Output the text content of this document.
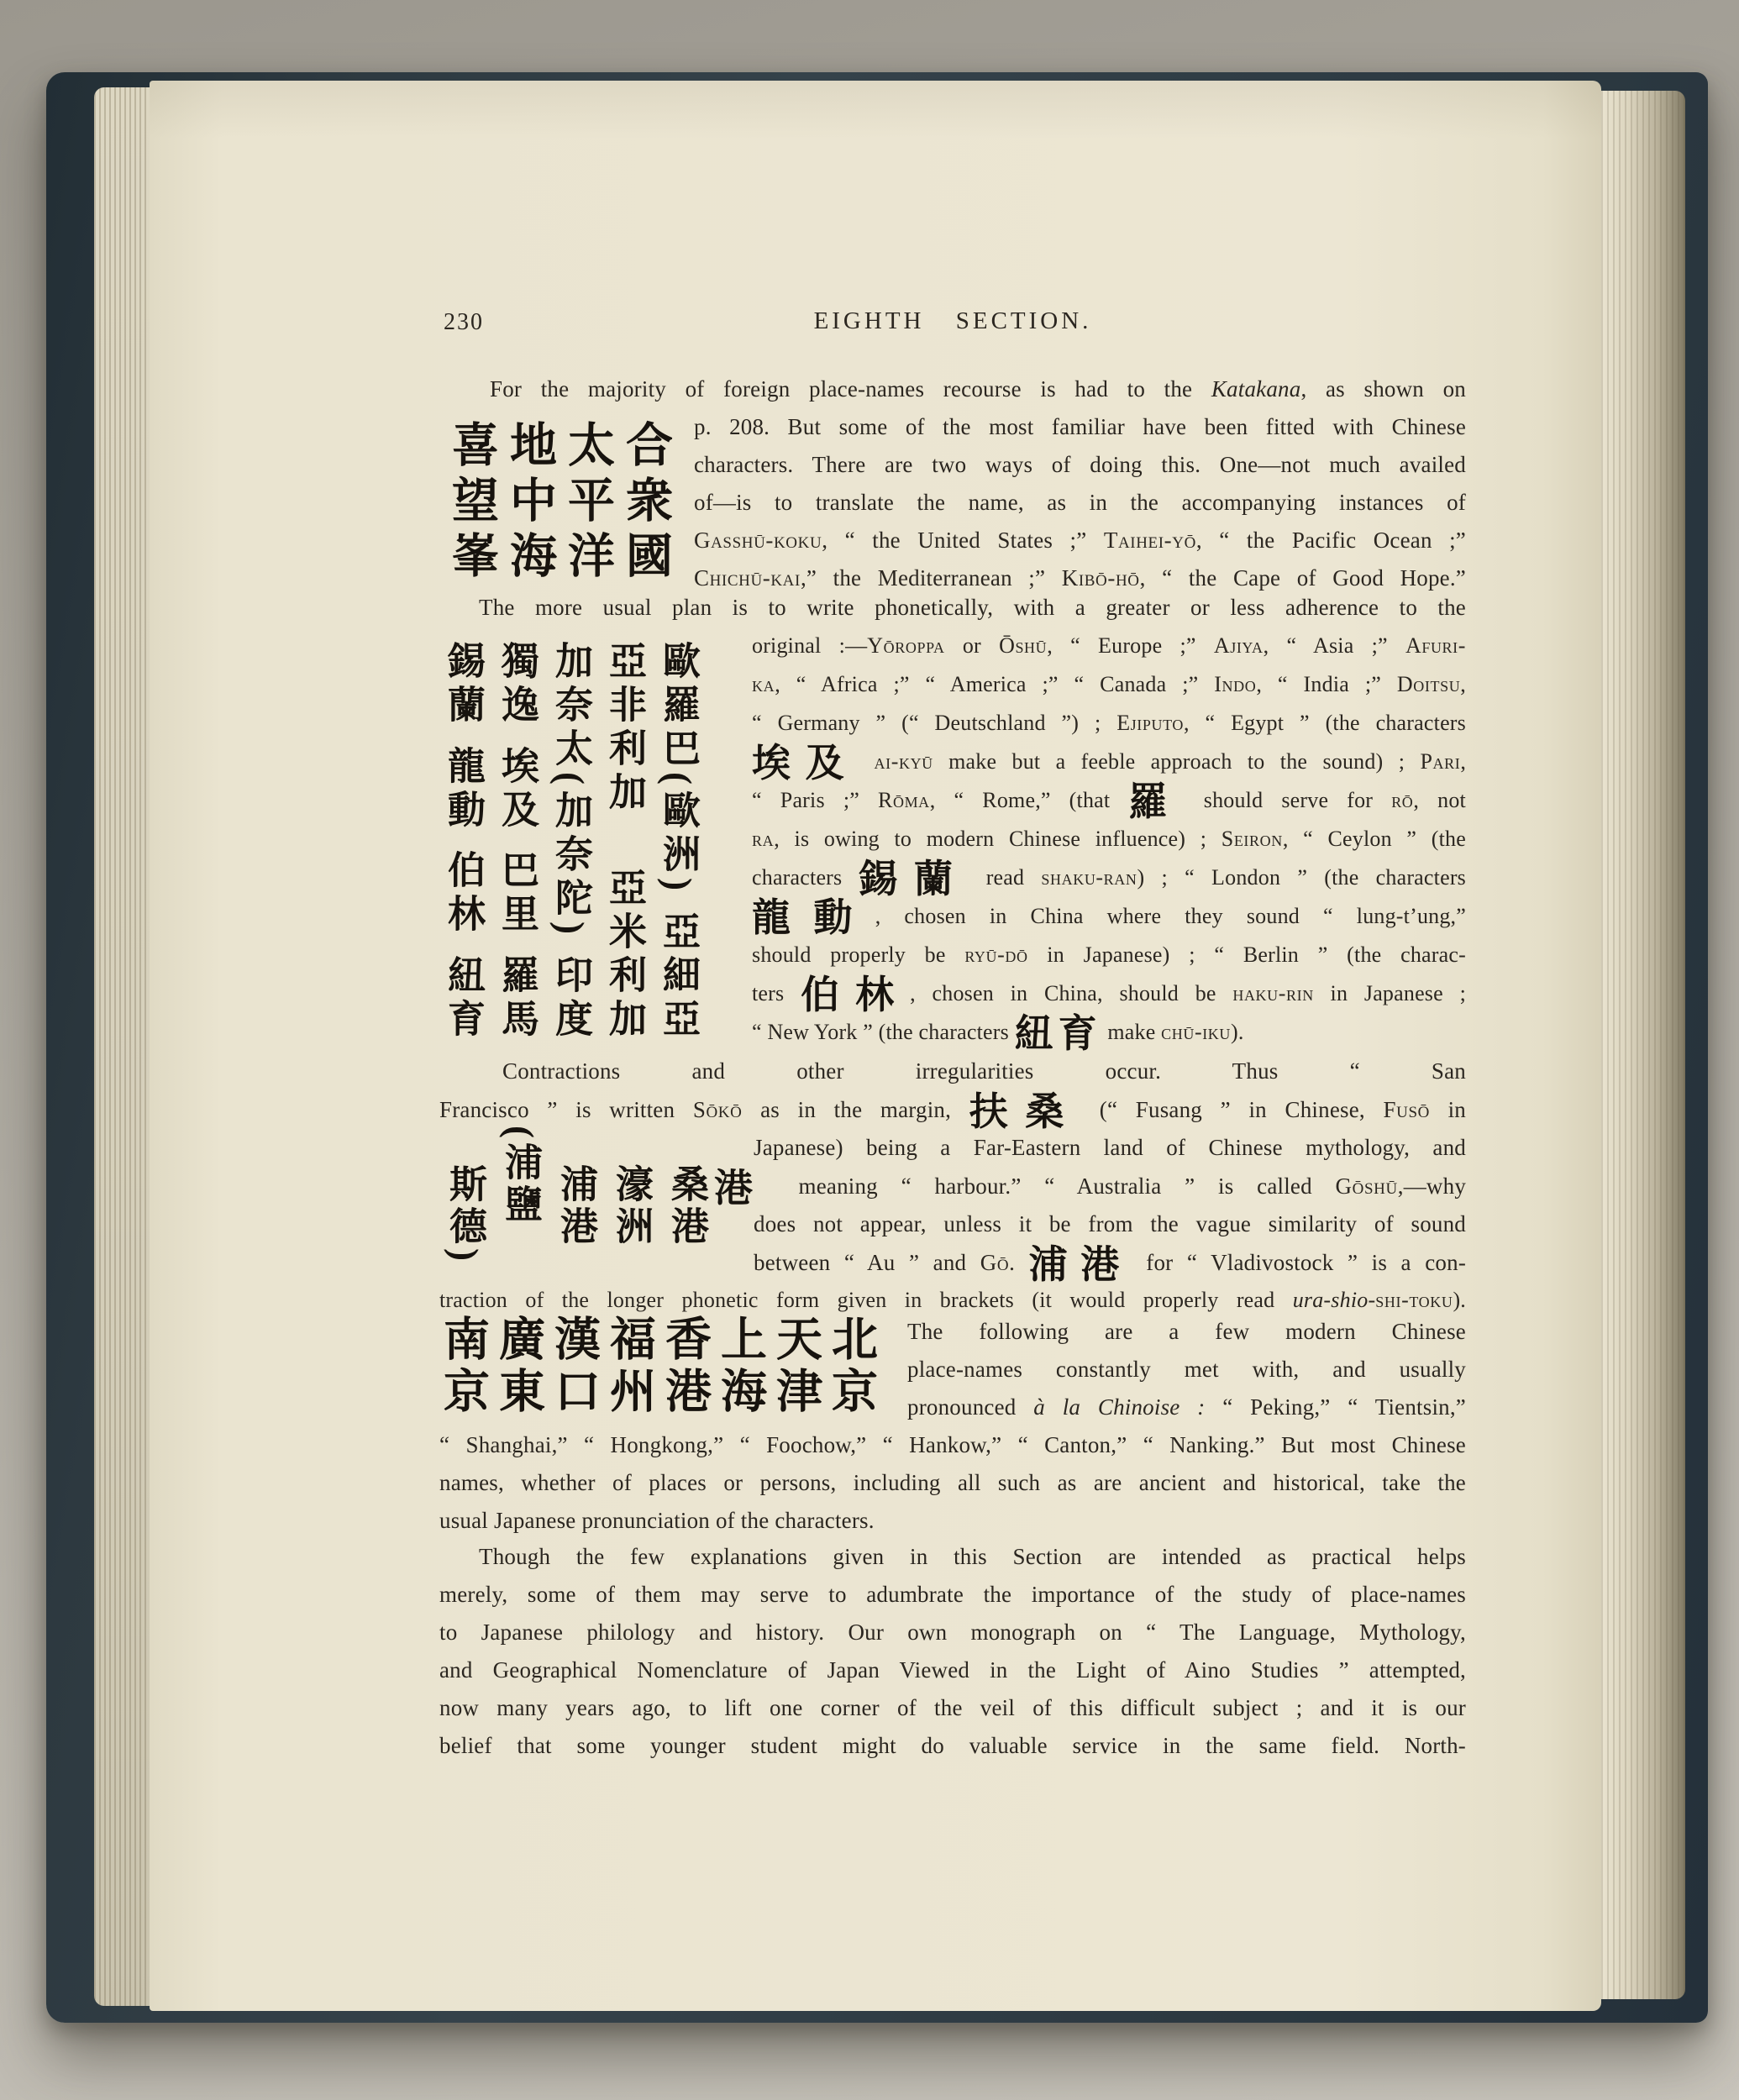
230	EIGHTH SECTION.
喜望峯 地中海 太平洋 合衆國
錫蘭
龍動
伯林
紐育
獨逸
埃及
巴里
羅馬
加奈太(加奈陀)
印度
亞非利加
亞米利加
歐羅巴(歐洲)
亞細亞
斯德) (浦鹽 浦港 濠洲 桑港
南京 廣東 漢口 福州 香港 上海 天津 北京
For the majority of foreign place-names recourse is had to the Katakana, as shown on
p. 208. But some of the most familiar have been fitted with Chinese
characters. There are two ways of doing this. One—not much availed
of—is to translate the name, as in the accompanying instances of
Gasshū-koku, “ the United States ;” Taihei-yō, “ the Pacific Ocean ;”
Chichū-kai,” the Mediterranean ;” Kibō-hō, “ the Cape of Good Hope.”
The more usual plan is to write phonetically, with a greater or less adherence to the
original :—Yōroppa or Ōshū, “ Europe ;” Ajiya, “ Asia ;” Afuri-
ka, “ Africa ;” “ America ;” “ Canada ;” Indo, “ India ;” Doitsu,
“ Germany ” (“ Deutschland ”) ; Ejiputo, “ Egypt ” (the characters
埃及 ai-kyū make but a feeble approach to the sound) ; Pari,
“ Paris ;” Rōma, “ Rome,” (that 羅 should serve for rō, not
ra, is owing to modern Chinese influence) ; Seiron, “ Ceylon ” (the
characters 錫蘭 read shaku-ran) ; “ London ” (the characters
龍動, chosen in China where they sound “ lung-t’ung,”
should properly be ryū-dō in Japanese) ; “ Berlin ” (the charac-
ters 伯林, chosen in China, should be haku-rin in Japanese ;
“ New York ” (the characters 紐育 make chū-iku).
Contractions and other irregularities occur. Thus “ San
Francisco ” is written Sōkō as in the margin, 扶桑 (“ Fusang ” in Chinese, Fusō in
Japanese) being a Far-Eastern land of Chinese mythology, and
港 meaning “ harbour.” “ Australia ” is called Gōshū,—why
does not appear, unless it be from the vague similarity of sound
between “ Au ” and Gō. 浦港 for “ Vladivostock ” is a con-
traction of the longer phonetic form given in brackets (it would properly read ura-shio-shi-toku).
The following are a few modern Chinese
place-names constantly met with, and usually
pronounced à la Chinoise : “ Peking,” “ Tientsin,”
“ Shanghai,” “ Hongkong,” “ Foochow,” “ Hankow,” “ Canton,” “ Nanking.” But most Chinese
names, whether of places or persons, including all such as are ancient and historical, take the
usual Japanese pronunciation of the characters.
Though the few explanations given in this Section are intended as practical helps
merely, some of them may serve to adumbrate the importance of the study of place-names
to Japanese philology and history. Our own monograph on “ The Language, Mythology,
and Geographical Nomenclature of Japan Viewed in the Light of Aino Studies ” attempted,
now many years ago, to lift one corner of the veil of this difficult subject ; and it is our
belief that some younger student might do valuable service in the same field. North-
